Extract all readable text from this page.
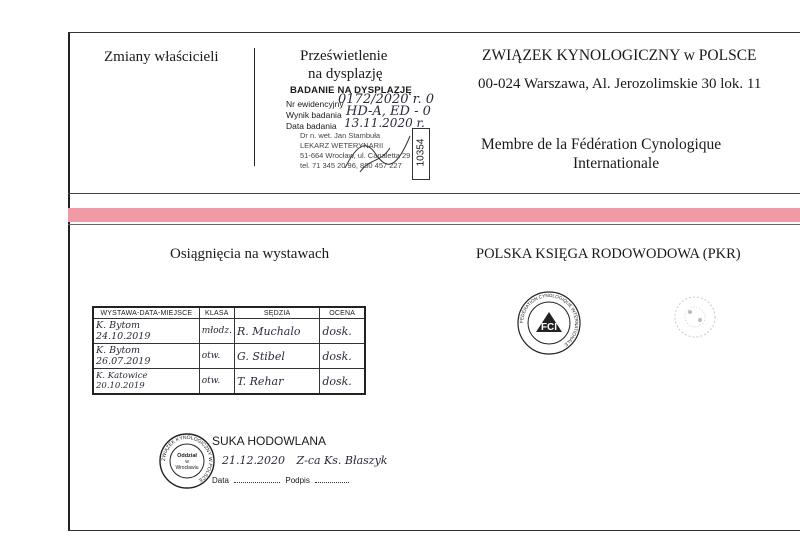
Zmiany właścicieli	Prześwietlenie
na dysplazję
BADANIE NA DYSPLAZJĘ
Nr ewidencyjny
0172/2020 r. 0
Wynik badania HD-A, ED - 0
Data badania 13.11.2020 r.
Dr n. wet. Jan Stambuła
LEKARZ WETERYNARII
51-664 Wrocław, ul. Canaletta 29
tel. 71 345 20 96, 880 457 227	10354
ZWIĄZEK KYNOLOGICZNY w POLSCE
00-024 Warszawa, Al. Jerozolimskie 30 lok. 11
Membre de la Fédération Cynologique
Internationale
Osiągnięcia na wystawach	POLSKA KSIĘGA RODOWODOWA (PKR)
WYSTAWA-DATA-MIEJSCE	KLASA	SĘDZIA	OCENA
K. Bytom 24.10.2019	młodz.	R. Muchalo	dosk.
K. Bytom 26.07.2019	otw.	G. Stibel	dosk.
K. Katowice 20.10.2019	otw.	T. Rehar	dosk.
FÉDÉRATION CYNOLOGIQUE INTERNATIONALE
FCI
ZWIĄZEK KYNOLOGICZNY W POLSCE
Oddział
w
Wrocławiu
SUKA HODOWLANA
21.12.2020 Z-ca Ks. Błaszyk
Data	Podpis
